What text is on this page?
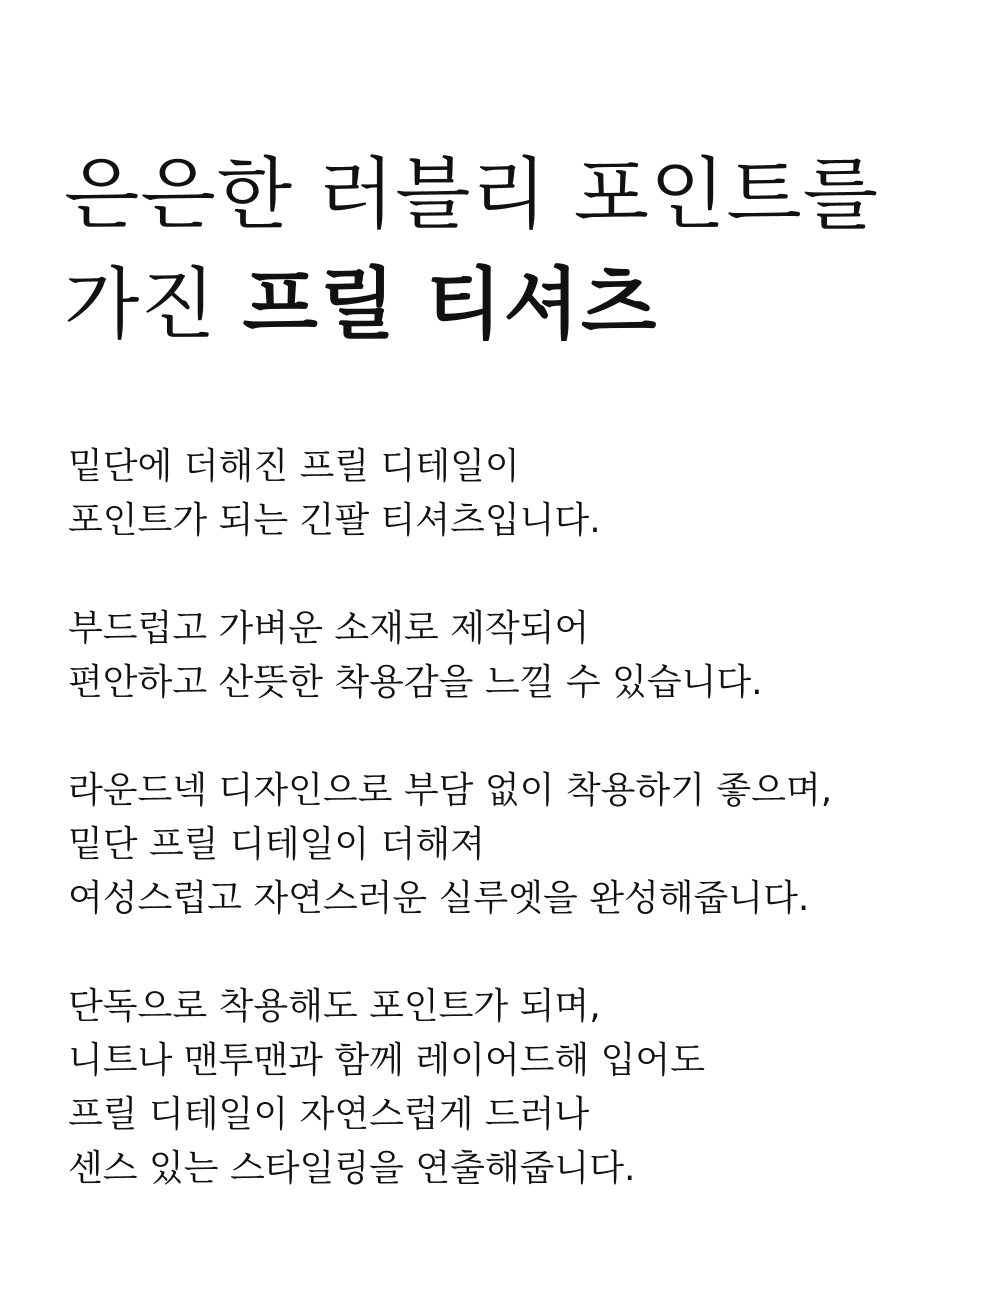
은은한 러블리 포인트를
가진 프릴 티셔츠

밑단에 더해진 프릴 디테일이
포인트가 되는 긴팔 티셔츠입니다.

부드럽고 가벼운 소재로 제작되어
편안하고 산뜻한 착용감을 느낄 수 있습니다.

라운드넥 디자인으로 부담 없이 착용하기 좋으며,
밑단 프릴 디테일이 더해져
여성스럽고 자연스러운 실루엣을 완성해줍니다.

단독으로 착용해도 포인트가 되며,
니트나 맨투맨과 함께 레이어드해 입어도
프릴 디테일이 자연스럽게 드러나
센스 있는 스타일링을 연출해줍니다.
